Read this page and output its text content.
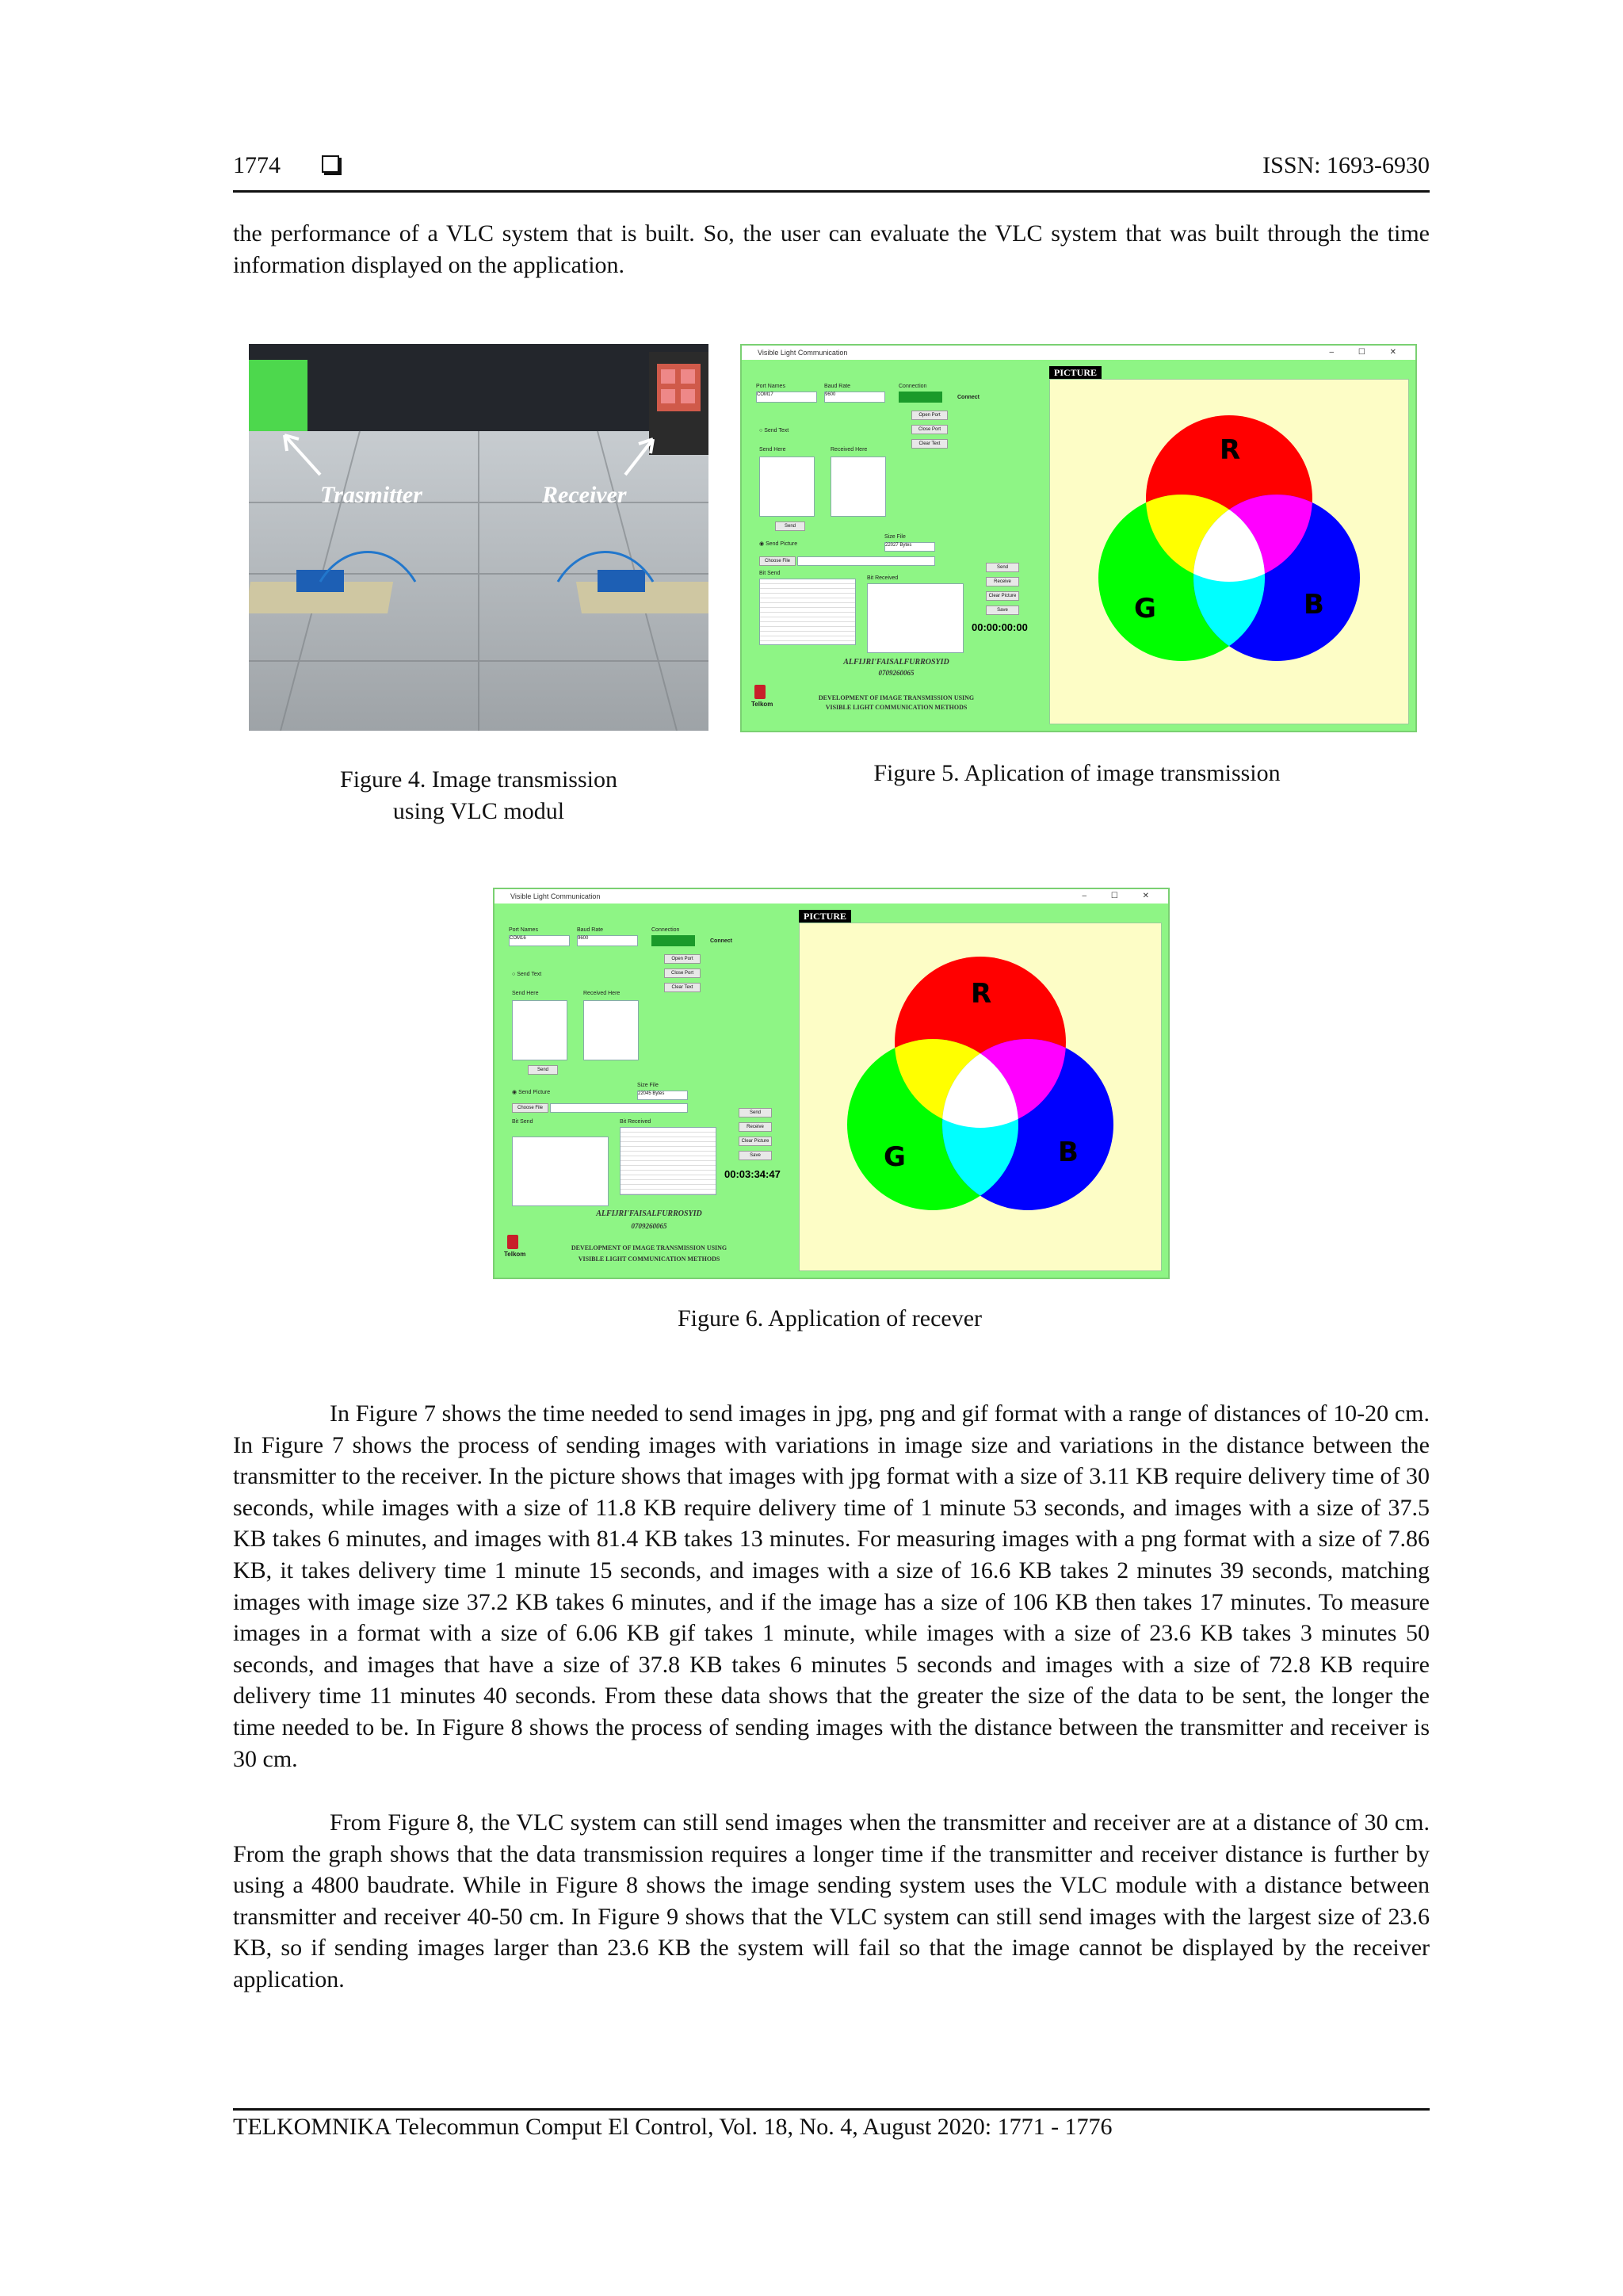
1774	ISSN: 1693-6930

the performance of a VLC system that is built. So, the user can evaluate the VLC system that was built through the time information displayed on the application.

Trasmitter	Receiver
Figure 4. Image transmission
using VLC modul
Visible Light Communication	– ☐ ✕
Port Names
COM17
Baud Rate
9600
Connection
Connect
Open Port
Close Port
Clear Text
○ Send Text
Send Here	Received Here
Send
◉ Send Picture
Size File
22027 Bytes
Choose File
Bit Send
Bit Received
Send
Receive
Clear Picture
Save
00:00:00:00
ALFIJRI'FAISALFURROSYID
0709260065
DEVELOPMENT OF IMAGE TRANSMISSION USING
VISIBLE LIGHT COMMUNICATION METHODS
Telkom
PICTURE
R
G	B
Figure 5. Aplication of image transmission
Visible Light Communication	– ☐ ✕
Port Names
COM16
Baud Rate
9600
Connection
Connect
Open Port
Close Port
Clear Text
○ Send Text
Send Here	Received Here
Send
◉ Send Picture
Size File
22045 Bytes
Choose File
Bit Send	Bit Received
Send
Receive
Clear Picture
Save
00:03:34:47
ALFIJRI'FAISALFURROSYID
0709260065
DEVELOPMENT OF IMAGE TRANSMISSION USING
VISIBLE LIGHT COMMUNICATION METHODS
Telkom
PICTURE
R
G	B
Figure 6. Application of recever

In Figure 7 shows the time needed to send images in jpg, png and gif format with a range of distances of 10-20 cm. In Figure 7 shows the process of sending images with variations in image size and variations in the distance between the transmitter to the receiver. In the picture shows that images with jpg format with a size of 3.11 KB require delivery time of 30 seconds, while images with a size of 11.8 KB require delivery time of 1 minute 53 seconds, and images with a size of 37.5 KB takes 6 minutes, and images with 81.4 KB takes 13 minutes. For measuring images with a png format with a size of 7.86 KB, it takes delivery time 1 minute 15 seconds, and images with a size of 16.6 KB takes 2 minutes 39 seconds, matching images with image size 37.2 KB takes 6 minutes, and if the image has a size of 106 KB then takes 17 minutes. To measure images in a format with a size of 6.06 KB gif takes 1 minute, while images with a size of 23.6 KB takes 3 minutes 50 seconds, and images that have a size of 37.8 KB takes 6 minutes 5 seconds and images with a size of 72.8 KB require delivery time 11 minutes 40 seconds. From these data shows that the greater the size of the data to be sent, the longer the time needed to be. In Figure 8 shows the process of sending images with the distance between the transmitter and receiver is 30 cm.

From Figure 8, the VLC system can still send images when the transmitter and receiver are at a distance of 30 cm. From the graph shows that the data transmission requires a longer time if the transmitter and receiver distance is further by using a 4800 baudrate. While in Figure 8 shows the image sending system uses the VLC module with a distance between transmitter and receiver 40-50 cm. In Figure 9 shows that the VLC system can still send images with the largest size of 23.6 KB, so if sending images larger than 23.6 KB the system will fail so that the image cannot be displayed by the receiver application.

TELKOMNIKA Telecommun Comput El Control, Vol. 18, No. 4, August 2020: 1771 - 1776
